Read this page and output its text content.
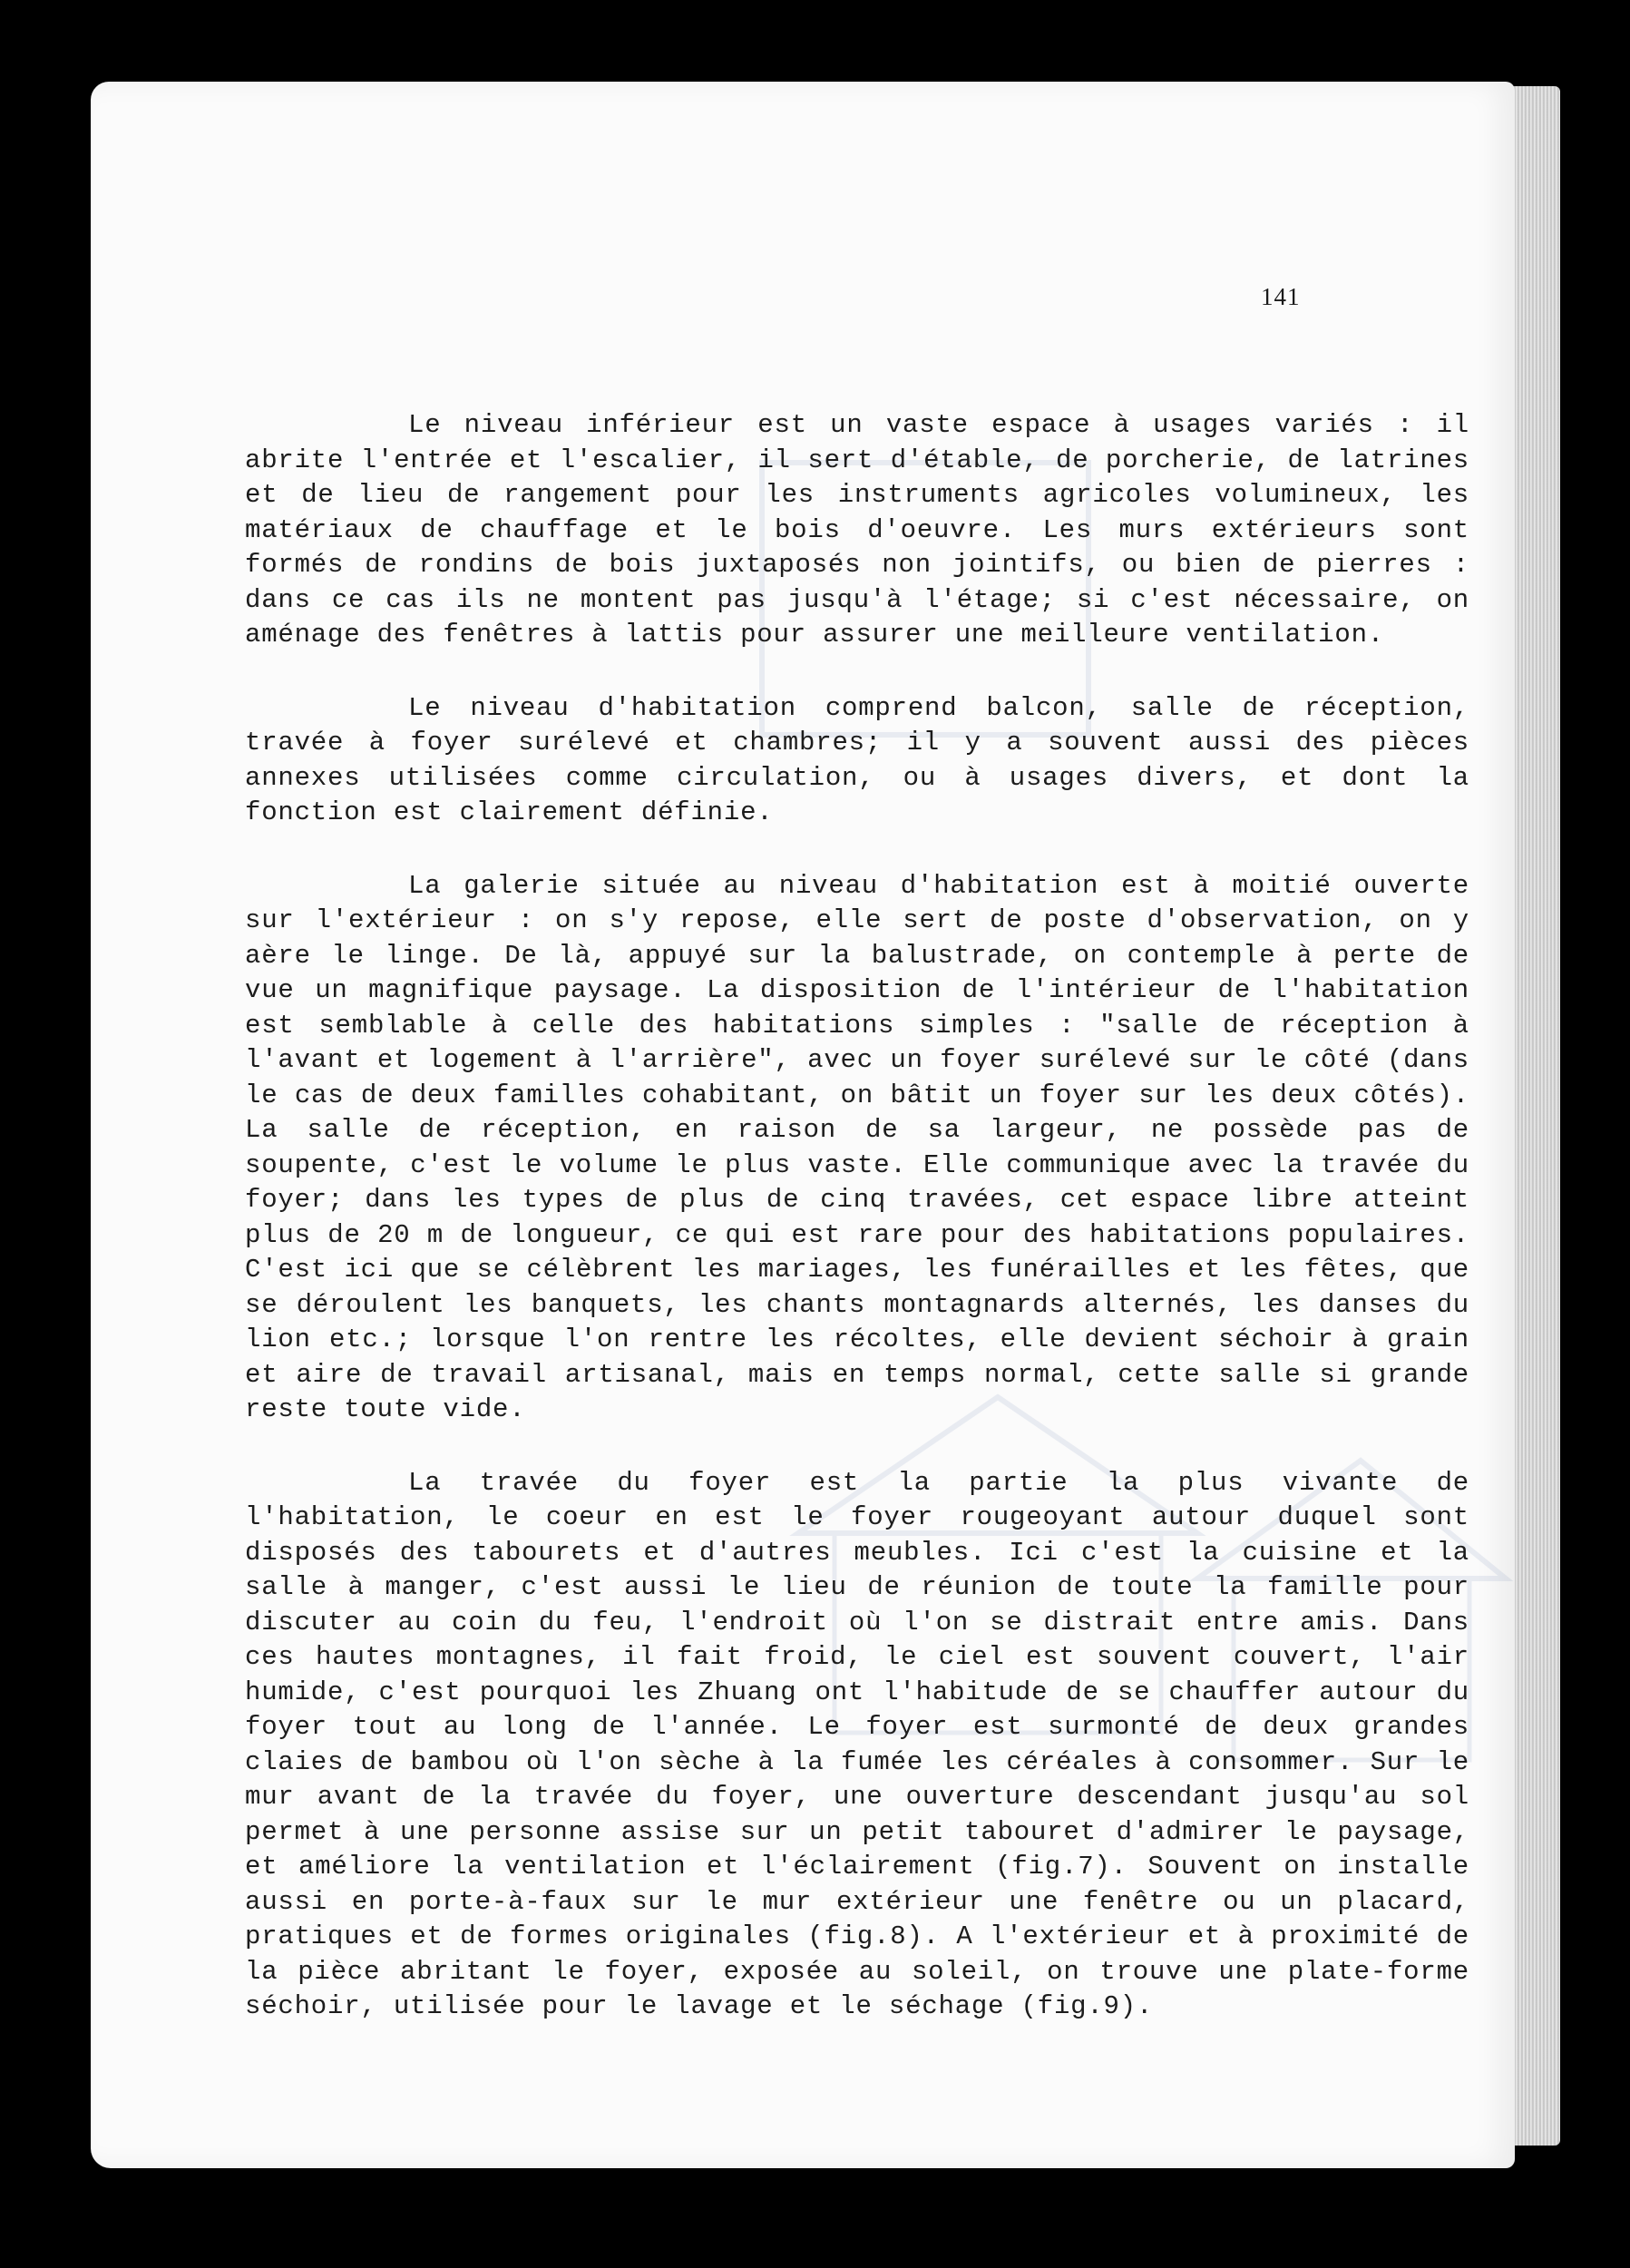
141

Le niveau inférieur est un vaste espace à usages variés : il abrite l'entrée et l'escalier, il sert d'étable, de porcherie, de latrines et de lieu de rangement pour les instruments agricoles volumineux, les matériaux de chauffage et le bois d'oeuvre. Les murs extérieurs sont formés de rondins de bois juxtaposés non jointifs, ou bien de pierres : dans ce cas ils ne montent pas jusqu'à l'étage; si c'est nécessaire, on aménage des fenêtres à lattis pour assurer une meilleure ventilation.

Le niveau d'habitation comprend balcon, salle de réception, travée à foyer surélevé et chambres; il y a souvent aussi des pièces annexes utilisées comme circulation, ou à usages divers, et dont la fonction est clairement définie.

La galerie située au niveau d'habitation est à moitié ouverte sur l'extérieur : on s'y repose, elle sert de poste d'observation, on y aère le linge. De là, appuyé sur la balustrade, on contemple à perte de vue un magnifique paysage. La disposition de l'intérieur de l'habitation est semblable à celle des habitations simples : "salle de réception à l'avant et logement à l'arrière", avec un foyer surélevé sur le côté (dans le cas de deux familles cohabitant, on bâtit un foyer sur les deux côtés). La salle de réception, en raison de sa largeur, ne possède pas de soupente, c'est le volume le plus vaste. Elle communique avec la travée du foyer; dans les types de plus de cinq travées, cet espace libre atteint plus de 20 m de longueur, ce qui est rare pour des habitations populaires. C'est ici que se célèbrent les mariages, les funérailles et les fêtes, que se déroulent les banquets, les chants montagnards alternés, les danses du lion etc.; lorsque l'on rentre les récoltes, elle devient séchoir à grain et aire de travail artisanal, mais en temps normal, cette salle si grande reste toute vide.

La travée du foyer est la partie la plus vivante de l'habitation, le coeur en est le foyer rougeoyant autour duquel sont disposés des tabourets et d'autres meubles. Ici c'est la cuisine et la salle à manger, c'est aussi le lieu de réunion de toute la famille pour discuter au coin du feu, l'endroit où l'on se distrait entre amis. Dans ces hautes montagnes, il fait froid, le ciel est souvent couvert, l'air humide, c'est pourquoi les Zhuang ont l'habitude de se chauffer autour du foyer tout au long de l'année. Le foyer est surmonté de deux grandes claies de bambou où l'on sèche à la fumée les céréales à consommer. Sur le mur avant de la travée du foyer, une ouverture descendant jusqu'au sol permet à une personne assise sur un petit tabouret d'admirer le paysage, et améliore la ventilation et l'éclairement (fig.7). Souvent on installe aussi en porte-à-faux sur le mur extérieur une fenêtre ou un placard, pratiques et de formes originales (fig.8). A l'extérieur et à proximité de la pièce abritant le foyer, exposée au soleil, on trouve une plate-forme séchoir, utilisée pour le lavage et le séchage (fig.9).
